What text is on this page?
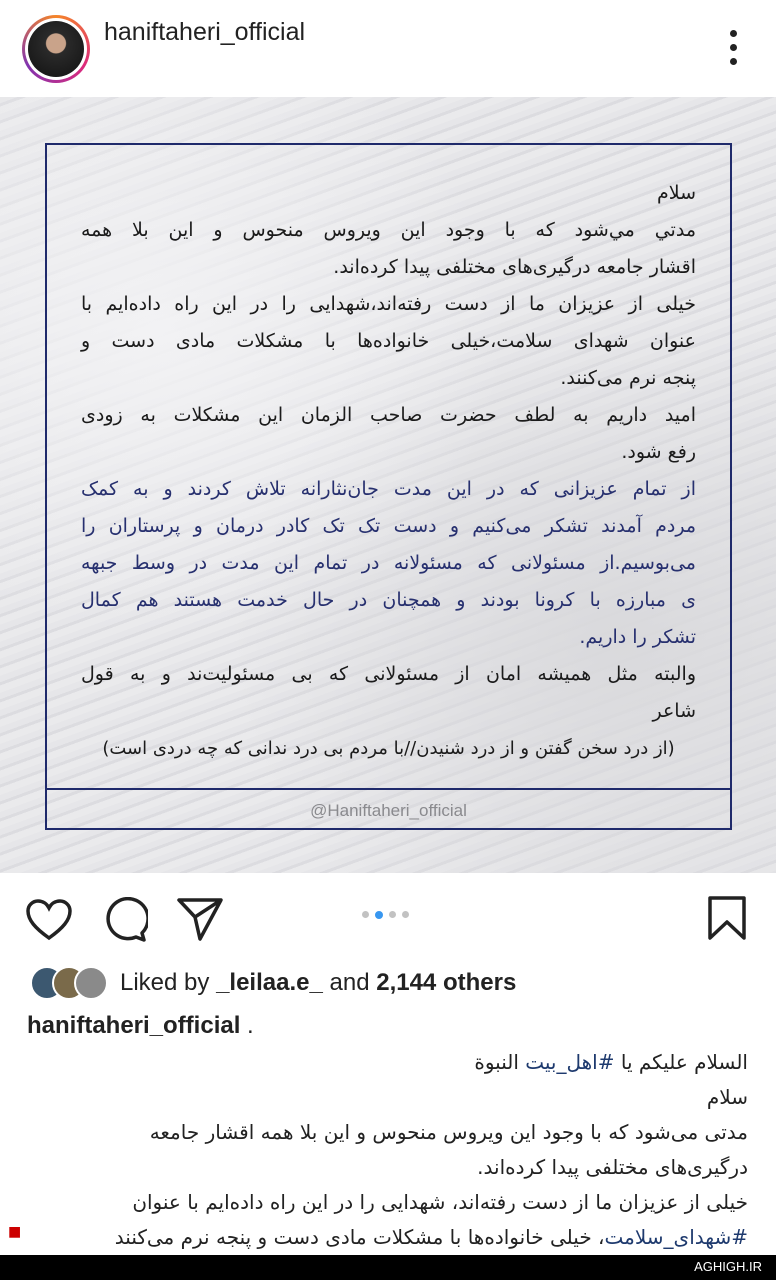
haniftaheri_official
سلام
مدتي مي‌شود كه با وجود اين ويروس منحوس و اين بلا همه
اقشار جامعه درگیری‌های مختلفی پیدا کرده‌اند.
خیلی از عزیزان ما از دست رفته‌اند،شهدایی را در این راه داده‌ایم با
عنوان شهدای سلامت،خیلی خانواده‌ها با مشکلات مادی دست و
پنجه نرم می‌کنند.
امید داریم به لطف حضرت صاحب الزمان این مشکلات به زودی
رفع شود.
از تمام عزیزانی که در این مدت جان‌نثارانه تلاش کردند و به کمک
مردم آمدند تشکر می‌کنیم و دست تک تک کادر درمان و پرستاران را
می‌بوسیم.از مسئولانی که مسئولانه در تمام این مدت در وسط جبهه
ی مبارزه با کرونا بودند و همچنان در حال خدمت هستند هم کمال
تشکر را داریم.
والبته مثل همیشه امان از مسئولانی که بی مسئولیت‌ند و به قول
شاعر
(از درد سخن گفتن و از درد شنیدن//با مردم بی درد ندانی که چه دردی است)
@Haniftaheri_official
Liked by _leilaa.e_ and 2,144 others
haniftaheri_official .
السلام علیکم یا #اهل_بیت النبوة
سلام
مدتی می‌شود که با وجود این ویروس منحوس و این بلا همه اقشار جامعه
درگیری‌های مختلفی پیدا کرده‌اند.
خیلی از عزیزان ما از دست رفته‌اند، شهدایی را در این راه داده‌ایم با عنوان
#شهدای_سلامت، خیلی خانواده‌ها با مشکلات مادی دست و پنجه نرم می‌کنند
■
AGHIGH.IR
